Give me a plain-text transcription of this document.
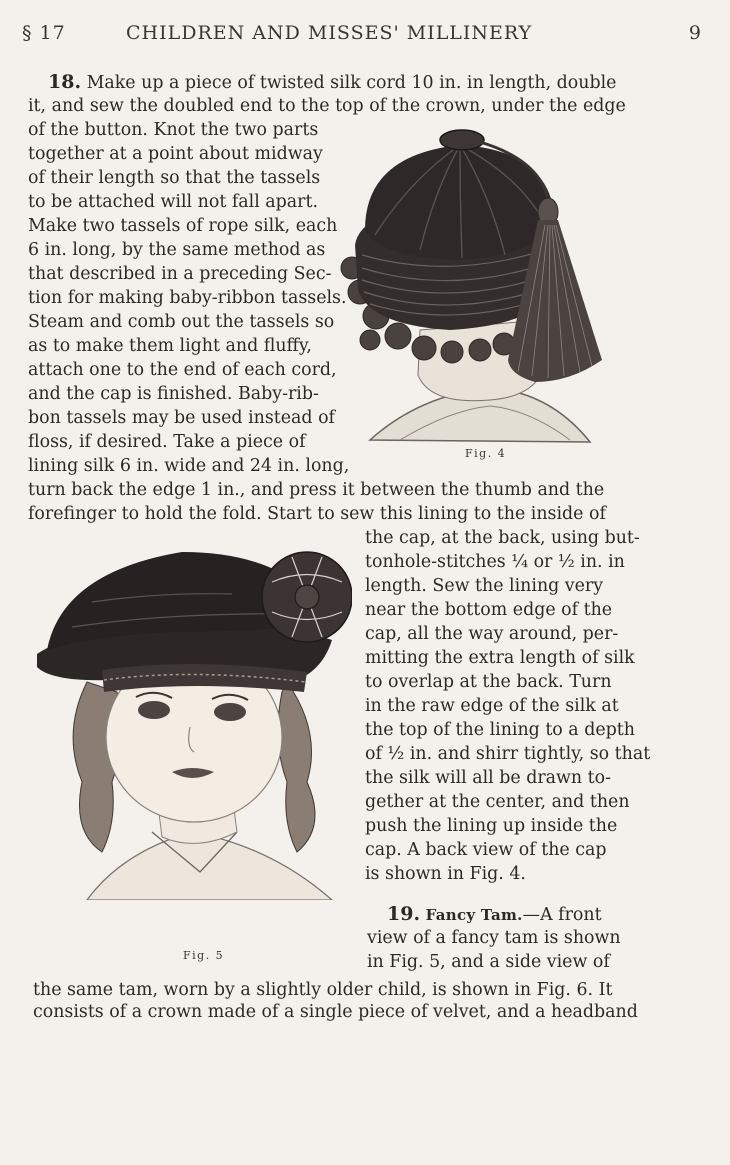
§ 17	CHILDREN AND MISSES' MILLINERY	9
18. Make up a piece of twisted silk cord 10 in. in length, double
it, and sew the doubled end to the top of the crown, under the edge
of the button. Knot the two parts
together at a point about midway
of their length so that the tassels
to be attached will not fall apart.
Make two tassels of rope silk, each
6 in. long, by the same method as
that described in a preceding Sec-
tion for making baby-ribbon tassels.
Steam and comb out the tassels so
as to make them light and fluffy,
attach one to the end of each cord,
and the cap is finished. Baby-rib-
bon tassels may be used instead of
floss, if desired. Take a piece of
lining silk 6 in. wide and 24 in. long,
turn back the edge 1 in., and press it between the thumb and the
forefinger to hold the fold. Start to sew this lining to the inside of
the cap, at the back, using but-
tonhole-stitches ¼ or ½ in. in
length. Sew the lining very
near the bottom edge of the
cap, all the way around, per-
mitting the extra length of silk
to overlap at the back. Turn
in the raw edge of the silk at
the top of the lining to a depth
of ½ in. and shirr tightly, so that
the silk will all be drawn to-
gether at the center, and then
push the lining up inside the
cap. A back view of the cap
is shown in Fig. 4.
19. Fancy Tam.—A front
view of a fancy tam is shown
in Fig. 5, and a side view of
the same tam, worn by a slightly older child, is shown in Fig. 6. It
consists of a crown made of a single piece of velvet, and a headband
Fig. 4
Fig. 5
